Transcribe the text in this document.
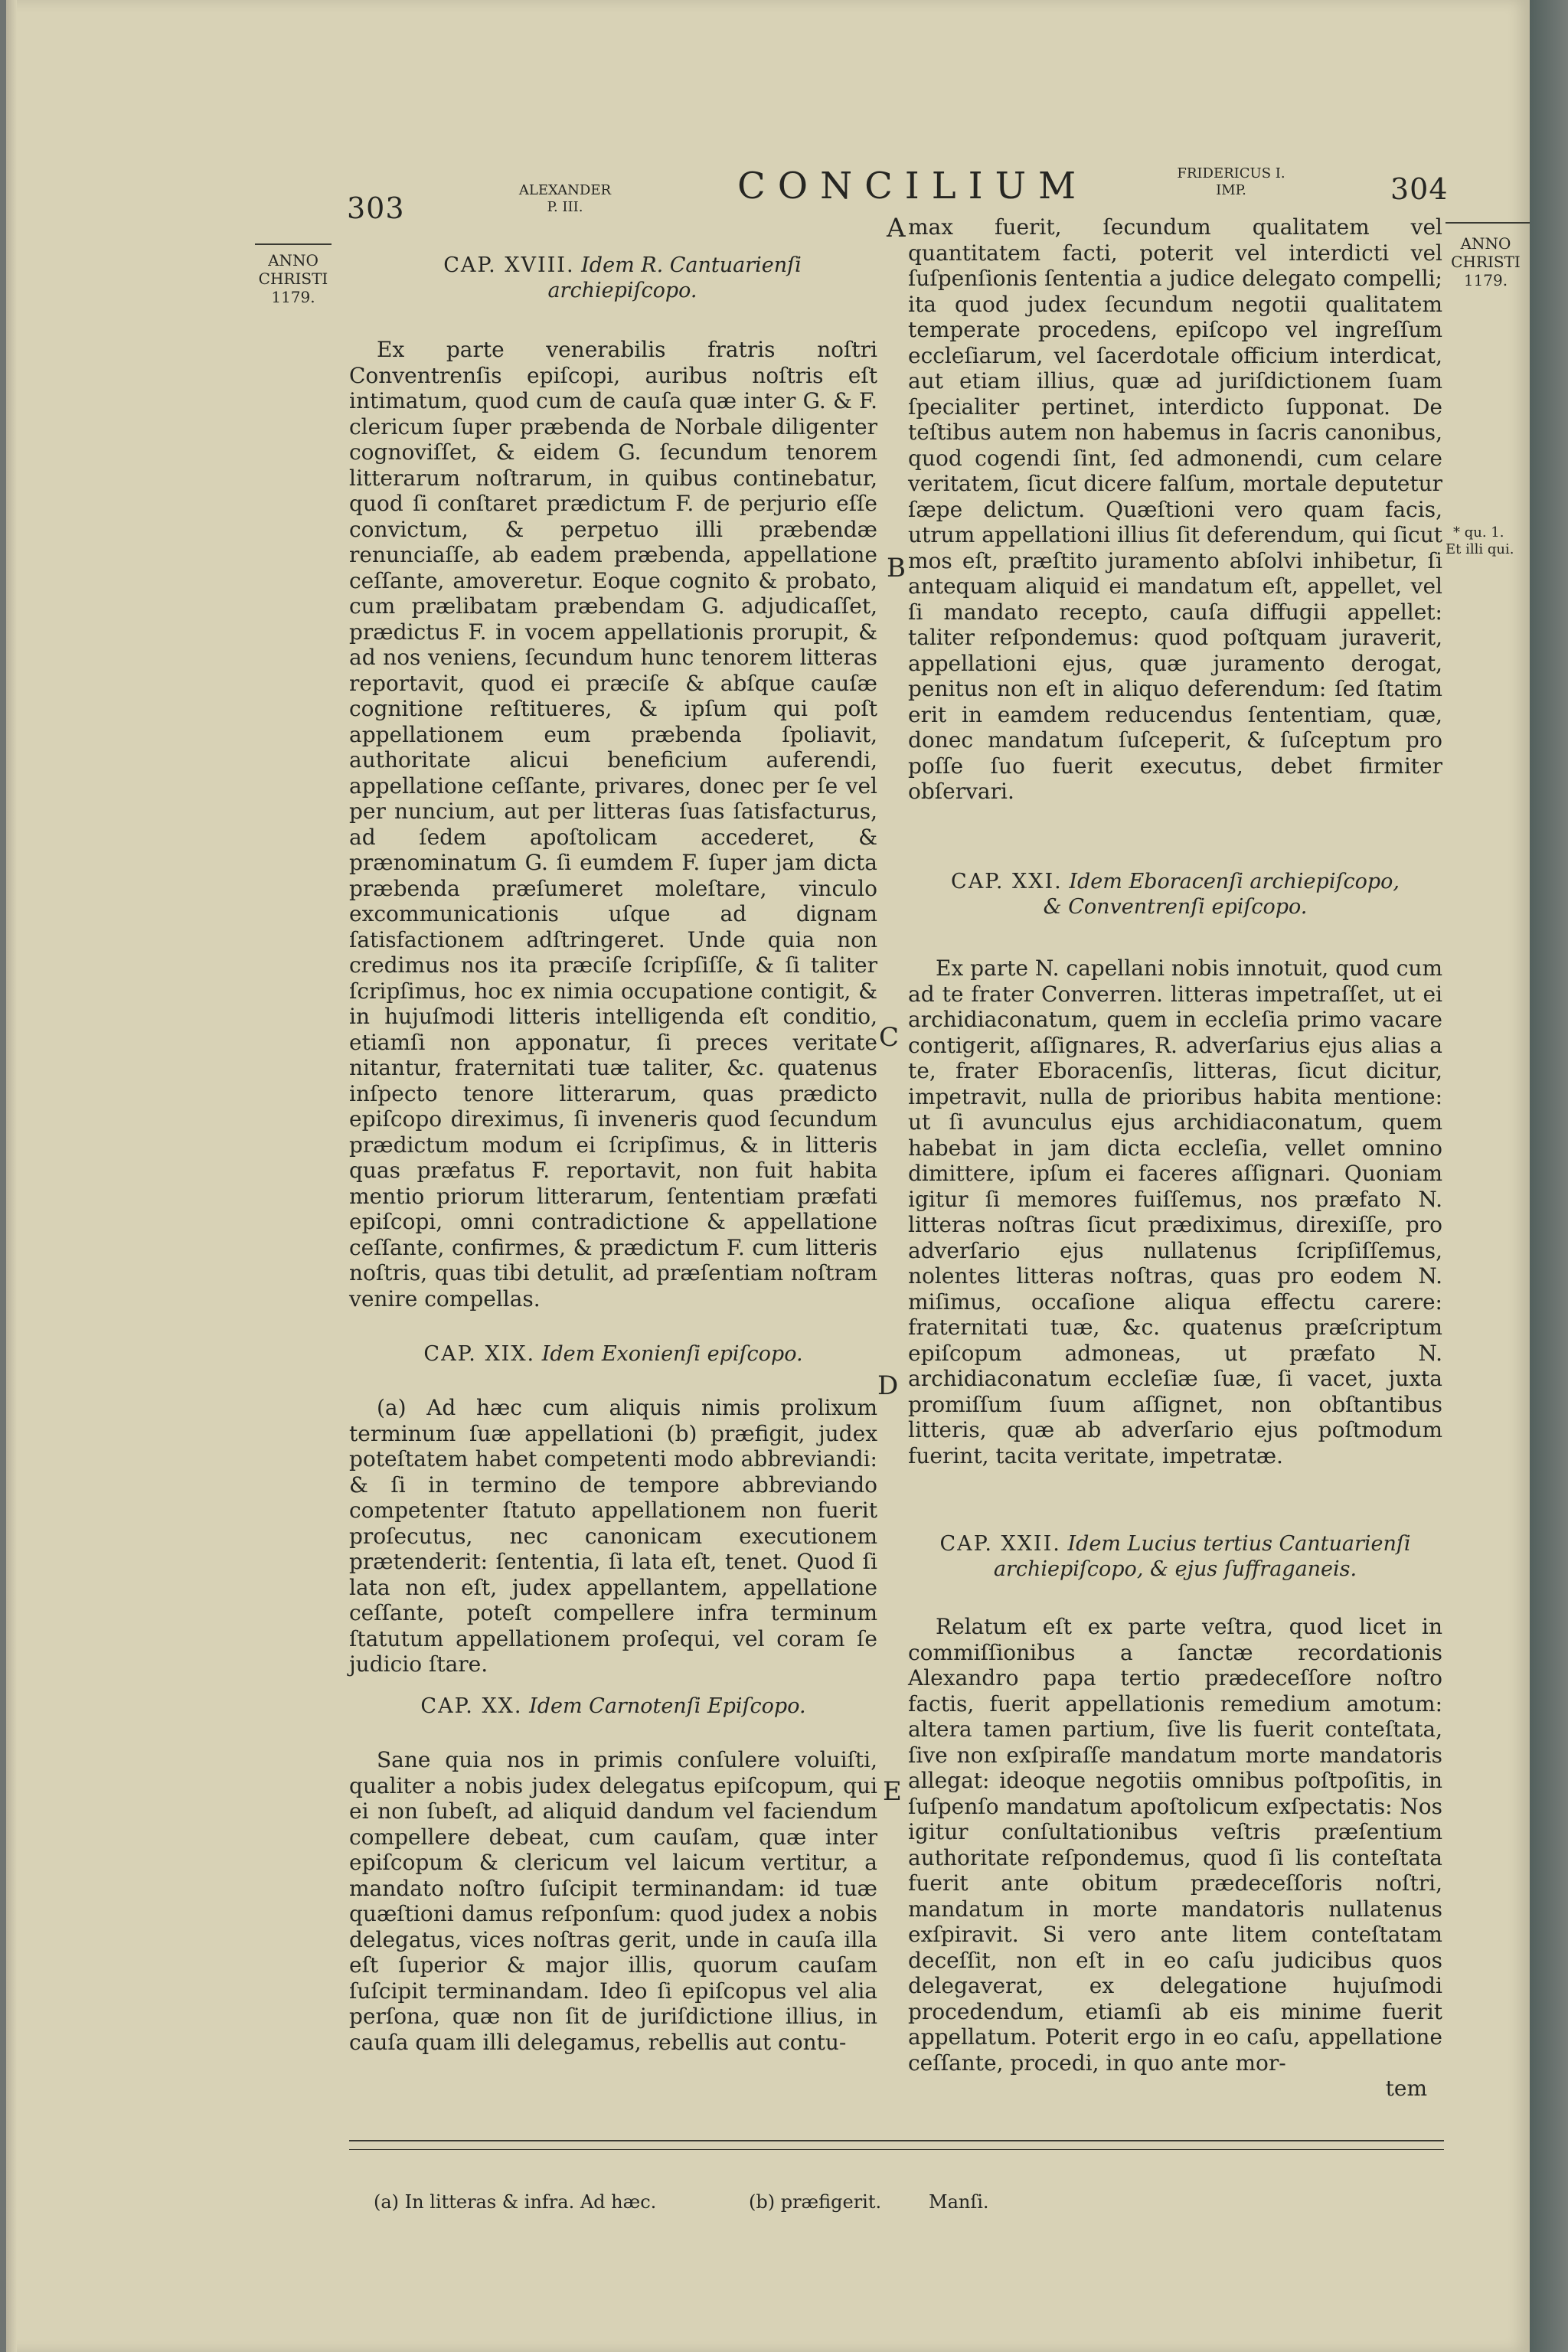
303
ALEXANDER
P. III.	CONCILIUM	FRIDERICUS I.
IMP.	304
ANNO
CHRISTI
1179.
ANNO
CHRISTI
1179.
CAP. XVIII. Idem R. Cantuarienſi
archiepiſcopo.

Ex parte venerabilis fratris noſtri Conventrenſis epiſcopi, auribus noſtris eſt intimatum, quod cum de cauſa quæ inter G. & F. clericum ſuper præbenda de Norbale diligenter cognoviſſet, & eidem G. ſecundum tenorem litterarum noſtrarum, in quibus continebatur, quod ſi conſtaret prædictum F. de perjurio eſſe convictum, & perpetuo illi præbendæ renunciaſſe, ab eadem præbenda, appellatione ceſſante, amoveretur. Eoque cognito & probato, cum prælibatam præbendam G. adjudicaſſet, prædictus F. in vocem appellationis prorupit, & ad nos veniens, ſecundum hunc tenorem litteras reportavit, quod ei præciſe & abſque cauſæ cognitione reſtitueres, & ipſum qui poſt appellationem eum præbenda ſpoliavit, authoritate alicui beneficium auferendi, appellatione ceſſante, privares, donec per ſe vel per nuncium, aut per litteras ſuas ſatisfacturus, ad ſedem apoſtolicam accederet, & prænominatum G. ſi eumdem F. ſuper jam dicta præbenda præſumeret moleſtare, vinculo excommunicationis uſque ad dignam ſatisfactionem adſtringeret. Unde quia non credimus nos ita præciſe ſcripſiſſe, & ſi taliter ſcripſimus, hoc ex nimia occupatione contigit, & in hujuſmodi litteris intelligenda eſt conditio, etiamſi non apponatur, ſi preces veritate nitantur, fraternitati tuæ taliter, &c. quatenus inſpecto tenore litterarum, quas prædicto epiſcopo direximus, ſi inveneris quod ſecundum prædictum modum ei ſcripſimus, & in litteris quas præfatus F. reportavit, non fuit habita mentio priorum litterarum, ſententiam præfati epiſcopi, omni contradictione & appellatione ceſſante, confirmes, & prædictum F. cum litteris noſtris, quas tibi detulit, ad præſentiam noſtram venire compellas.

CAP. XIX. Idem Exonienſi epiſcopo.

(a) Ad hæc cum aliquis nimis prolixum terminum ſuæ appellationi (b) præfigit, judex poteſtatem habet competenti modo abbreviandi: & ſi in termino de tempore abbreviando competenter ſtatuto appellationem non fuerit proſecutus, nec canonicam executionem prætenderit: ſententia, ſi lata eſt, tenet. Quod ſi lata non eſt, judex appellantem, appellatione ceſſante, poteſt compellere infra terminum ſtatutum appellationem proſequi, vel coram ſe judicio ſtare.

CAP. XX. Idem Carnotenſi Epiſcopo.

Sane quia nos in primis conſulere voluiſti, qualiter a nobis judex delegatus epiſcopum, qui ei non ſubeſt, ad aliquid dandum vel faciendum compellere debeat, cum cauſam, quæ inter epiſcopum & clericum vel laicum vertitur, a mandato noſtro ſuſcipit terminandam: id tuæ quæſtioni damus reſponſum: quod judex a nobis delegatus, vices noſtras gerit, unde in cauſa illa eſt ſuperior & major illis, quorum cauſam ſuſcipit terminandam. Ideo ſi epiſcopus vel alia perſona, quæ non ſit de juriſdictione illius, in cauſa quam illi delegamus, rebellis aut contu-

max fuerit, ſecundum qualitatem vel quantitatem facti, poterit vel interdicti vel ſuſpenſionis ſententia a judice delegato compelli; ita quod judex ſecundum negotii qualitatem temperate procedens, epiſcopo vel ingreſſum eccleſiarum, vel ſacerdotale officium interdicat, aut etiam illius, quæ ad juriſdictionem ſuam ſpecialiter pertinet, interdicto ſupponat. De teſtibus autem non habemus in ſacris canonibus, quod cogendi ſint, ſed admonendi, cum celare veritatem, ſicut dicere falſum, mortale deputetur ſæpe delictum. Quæſtioni vero quam facis, utrum appellationi illius ſit deferendum, qui ſicut mos eſt, præſtito juramento abſolvi inhibetur, ſi antequam aliquid ei mandatum eſt, appellet, vel ſi mandato recepto, cauſa diffugii appellet: taliter reſpondemus: quod poſtquam juraverit, appellationi ejus, quæ juramento derogat, penitus non eſt in aliquo deferendum: ſed ſtatim erit in eamdem reducendus ſententiam, quæ, donec mandatum ſuſceperit, & ſuſceptum pro poſſe ſuo fuerit executus, debet firmiter obſervari.

CAP. XXI. Idem Eboracenſi archiepiſcopo,
& Conventrenſi epiſcopo.

Ex parte N. capellani nobis innotuit, quod cum ad te frater Converren. litteras impetraſſet, ut ei archidiaconatum, quem in eccleſia primo vacare contigerit, aſſignares, R. adverſarius ejus alias a te, frater Eboracenſis, litteras, ſicut dicitur, impetravit, nulla de prioribus habita mentione: ut ſi avunculus ejus archidiaconatum, quem habebat in jam dicta eccleſia, vellet omnino dimittere, ipſum ei faceres aſſignari. Quoniam igitur ſi memores fuiſſemus, nos præfato N. litteras noſtras ſicut prædiximus, direxiſſe, pro adverſario ejus nullatenus ſcripſiſſemus, nolentes litteras noſtras, quas pro eodem N. miſimus, occaſione aliqua effectu carere: fraternitati tuæ, &c. quatenus præſcriptum epiſcopum admoneas, ut præfato N. archidiaconatum eccleſiæ ſuæ, ſi vacet, juxta promiſſum ſuum aſſignet, non obſtantibus litteris, quæ ab adverſario ejus poſtmodum fuerint, tacita veritate, impetratæ.

CAP. XXII. Idem Lucius tertius Cantuarienſi
archiepiſcopo, & ejus ſuffraganeis.

Relatum eſt ex parte veſtra, quod licet in commiſſionibus a ſanctæ recordationis Alexandro papa tertio prædeceſſore noſtro factis, fuerit appellationis remedium amotum: altera tamen partium, ſive lis fuerit conteſtata, ſive non exſpiraſſe mandatum morte mandatoris allegat: ideoque negotiis omnibus poſtpoſitis, in ſuſpenſo mandatum apoſtolicum exſpectatis: Nos igitur conſultationibus veſtris præſentium authoritate reſpondemus, quod ſi lis conteſtata fuerit ante obitum prædeceſſoris noſtri, mandatum in morte mandatoris nullatenus exſpiravit. Si vero ante litem conteſtatam deceſſit, non eſt in eo caſu judicibus quos delegaverat, ex delegatione hujuſmodi procedendum, etiamſi ab eis minime fuerit appellatum. Poterit ergo in eo caſu, appellatione ceſſante, procedi, in quo ante mor-

tem
A
B
C
D
E
* qu. 1.
Et illi qui.
(a) In litteras & infra. Ad hæc.	(b) præfigerit.	Manſi.
